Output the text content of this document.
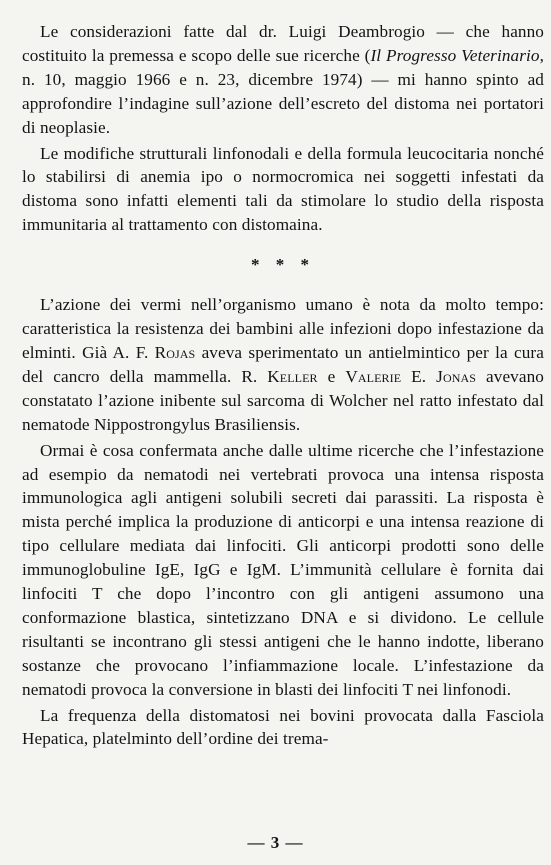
Le considerazioni fatte dal dr. Luigi Deambrogio — che hanno costituito la premessa e scopo delle sue ricerche (Il Progresso Veterinario, n. 10, maggio 1966 e n. 23, dicembre 1974) — mi hanno spinto ad approfondire l’indagine sull’azione dell’escreto del distoma nei portatori di neoplasie.

Le modifiche strutturali linfonodali e della formula leucocitaria nonché lo stabilirsi di anemia ipo o normocromica nei soggetti infestati da distoma sono infatti elementi tali da stimolare lo studio della risposta immunitaria al trattamento con distomaina.

* * *

L’azione dei vermi nell’organismo umano è nota da molto tempo: caratteristica la resistenza dei bambini alle infezioni dopo infestazione da elminti. Già A. F. Rojas aveva sperimentato un antielmintico per la cura del cancro della mammella. R. Keller e Valerie E. Jonas avevano constatato l’azione inibente sul sarcoma di Wolcher nel ratto infestato dal nematode Nippostrongylus Brasiliensis.

Ormai è cosa confermata anche dalle ultime ricerche che l’infestazione ad esempio da nematodi nei vertebrati provoca una intensa risposta immunologica agli antigeni solubili secreti dai parassiti. La risposta è mista perché implica la produzione di anticorpi e una intensa reazione di tipo cellulare mediata dai linfociti. Gli anticorpi prodotti sono delle immunoglobuline IgE, IgG e IgM. L’immunità cellulare è fornita dai linfociti T che dopo l’incontro con gli antigeni assumono una conformazione blastica, sintetizzano DNA e si dividono. Le cellule risultanti se incontrano gli stessi antigeni che le hanno indotte, liberano sostanze che provocano l’infiammazione locale. L’infestazione da nematodi provoca la conversione in blasti dei linfociti T nei linfonodi.

La frequenza della distomatosi nei bovini provocata dalla Fasciola Hepatica, platelminto dell’ordine dei trema-

— 3 —
